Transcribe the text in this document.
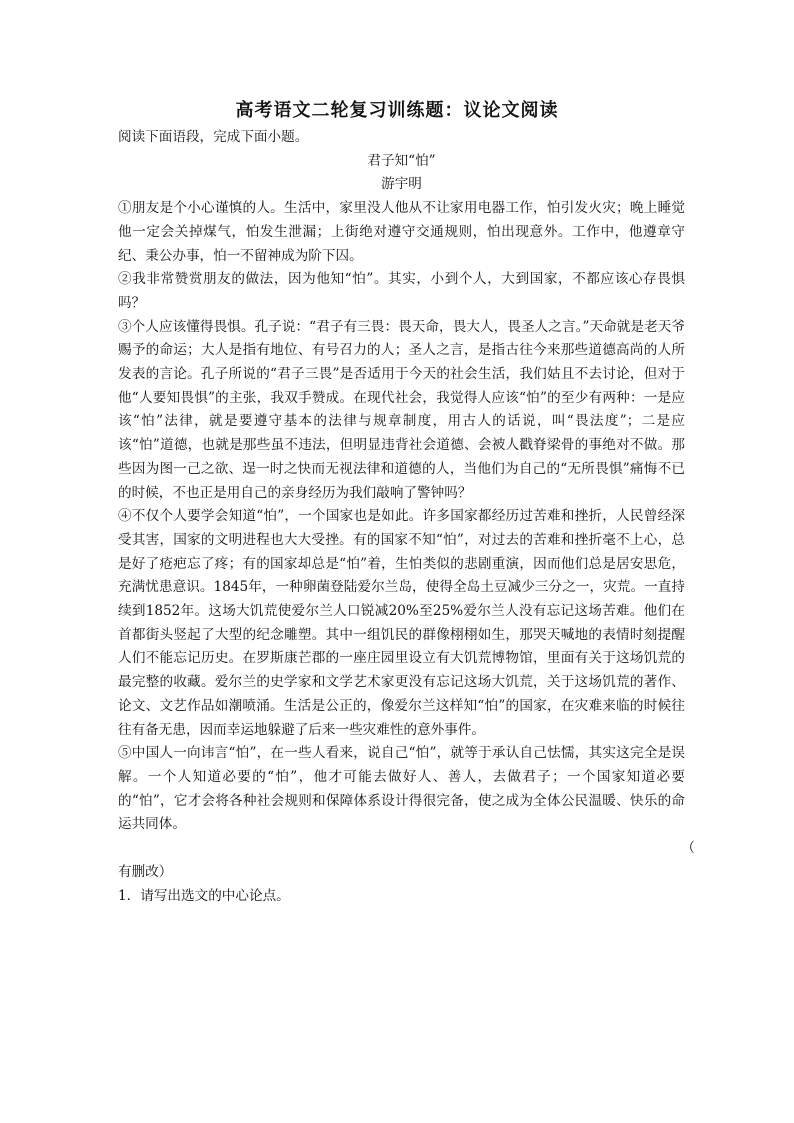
高考语文二轮复习训练题：议论文阅读

阅读下面语段，完成下面小题。

君子知“怕”

游宇明

①朋友是个小心谨慎的人。生活中，家里没人他从不让家用电器工作，怕引发火灾；晚上睡觉他一定会关掉煤气，怕发生泄漏；上街绝对遵守交通规则，怕出现意外。工作中，他遵章守纪、秉公办事，怕一不留神成为阶下囚。

②我非常赞赏朋友的做法，因为他知“怕”。其实，小到个人，大到国家，不都应该心存畏惧吗？

③个人应该懂得畏惧。孔子说：“君子有三畏：畏天命，畏大人，畏圣人之言。”天命就是老天爷赐予的命运；大人是指有地位、有号召力的人；圣人之言，是指古往今来那些道德高尚的人所发表的言论。孔子所说的“君子三畏”是否适用于今天的社会生活，我们姑且不去讨论，但对于他“人要知畏惧”的主张，我双手赞成。在现代社会，我觉得人应该“怕”的至少有两种：一是应该“怕”法律，就是要遵守基本的法律与规章制度，用古人的话说，叫“畏法度”；二是应该“怕”道德，也就是那些虽不违法，但明显违背社会道德、会被人戳脊梁骨的事绝对不做。那些因为图一己之欲、逞一时之快而无视法律和道德的人，当他们为自己的“无所畏惧”痛悔不已的时候，不也正是用自己的亲身经历为我们敲响了警钟吗？

④不仅个人要学会知道“怕”，一个国家也是如此。许多国家都经历过苦难和挫折，人民曾经深受其害，国家的文明进程也大大受挫。有的国家不知“怕”，对过去的苦难和挫折毫不上心，总是好了疮疤忘了疼；有的国家却总是“怕”着，生怕类似的悲剧重演，因而他们总是居安思危，充满忧患意识。1845年，一种卵菌登陆爱尔兰岛，使得全岛土豆减少三分之一，灾荒。一直持续到1852年。这场大饥荒使爱尔兰人口锐减20%至25%爱尔兰人没有忘记这场苦难。他们在首都街头竖起了大型的纪念雕塑。其中一组饥民的群像栩栩如生，那哭天喊地的表情时刻提醒人们不能忘记历史。在罗斯康芒郡的一座庄园里设立有大饥荒博物馆，里面有关于这场饥荒的最完整的收藏。爱尔兰的史学家和文学艺术家更没有忘记这场大饥荒，关于这场饥荒的著作、论文、文艺作品如潮喷涌。生活是公正的，像爱尔兰这样知“怕”的国家，在灾难来临的时候往往有备无患，因而幸运地躲避了后来一些灾难性的意外事件。

⑤中国人一向讳言“怕”，在一些人看来，说自己“怕”，就等于承认自己怯懦，其实这完全是误解。一个人知道必要的“怕”，他才可能去做好人、善人，去做君子；一个国家知道必要的“怕”，它才会将各种社会规则和保障体系设计得很完备，使之成为全体公民温暖、快乐的命运共同体。

（

有删改）

1．请写出选文的中心论点。
